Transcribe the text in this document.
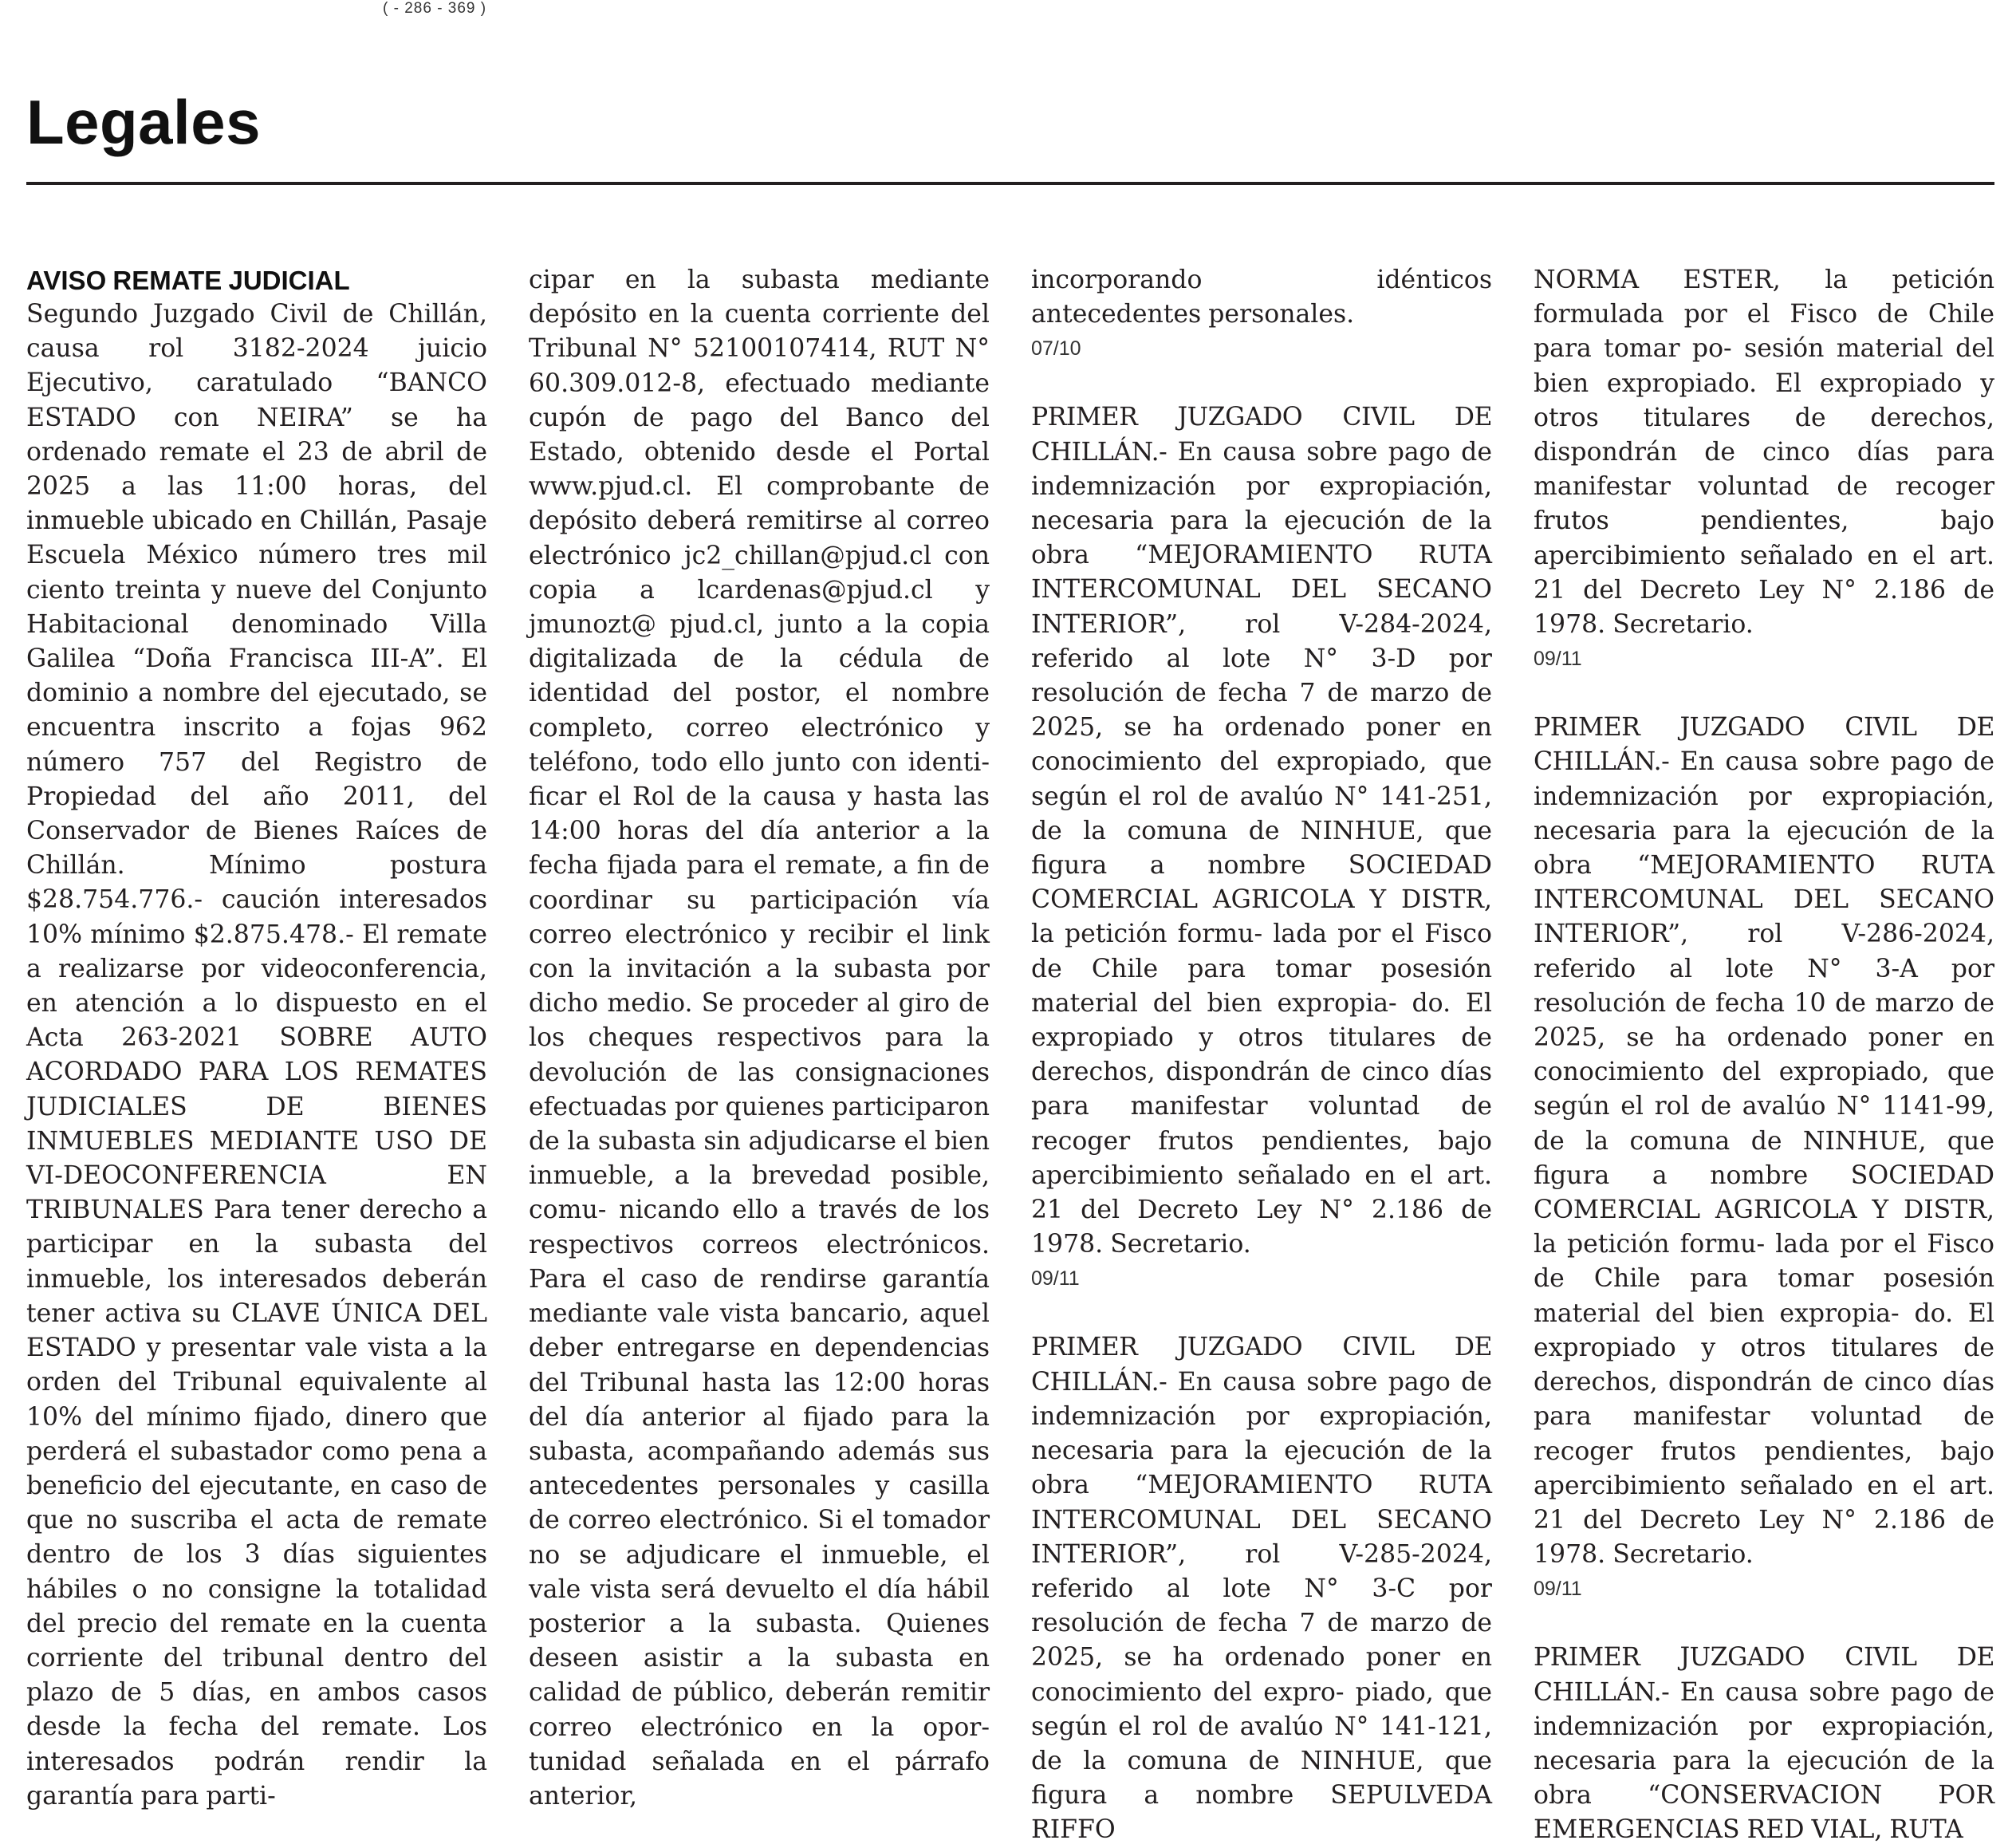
( - 286 - 369 )
Legales

AVISO REMATE JUDICIAL

Segundo Juzgado Civil de Chillán, causa rol 3182-2024 juicio Ejecutivo, caratulado “BANCO ESTADO con NEIRA” se ha ordenado remate el 23 de abril de 2025 a las 11:00 horas, del inmueble ubicado en Chillán, Pasaje Escuela México número tres mil ciento treinta y nueve del Conjunto Habitacional denominado Villa Galilea “Doña Francisca III-A”. El dominio a nombre del ejecutado, se encuentra inscrito a fojas 962 número 757 del Registro de Propiedad del año 2011, del Conservador de Bienes Raíces de Chillán. Mínimo postura $28.754.776.- caución interesados 10% mínimo $2.875.478.- El remate a realizarse por videoconferencia, en atención a lo dispuesto en el Acta 263-2021 SOBRE AUTO ACORDADO PARA LOS REMATES JUDICIALES DE BIENES INMUEBLES MEDIANTE USO DE VI-DEOCONFERENCIA EN TRIBUNALES Para tener derecho a participar en la subasta del inmueble, los interesados deberán tener activa su CLAVE ÚNICA DEL ESTADO y presentar vale vista a la orden del Tribunal equivalente al 10% del mínimo fijado, dinero que perderá el subastador como pena a beneficio del ejecutante, en caso de que no suscriba el acta de remate dentro de los 3 días siguientes hábiles o no consigne la totalidad del precio del remate en la cuenta corriente del tribunal dentro del plazo de 5 días, en ambos casos desde la fecha del remate. Los interesados podrán rendir la garantía para parti-

cipar en la subasta mediante depósito en la cuenta corriente del Tribunal N° 52100107414, RUT N° 60.309.012-8, efectuado mediante cupón de pago del Banco del Estado, obtenido desde el Portal www.pjud.cl. El comprobante de depósito deberá remitirse al correo electrónico jc2_chillan@pjud.cl con copia a lcardenas@pjud.cl y jmunozt@ pjud.cl, junto a la copia digitalizada de la cédula de identidad del postor, el nombre completo, correo electrónico y teléfono, todo ello junto con identi- ficar el Rol de la causa y hasta las 14:00 horas del día anterior a la fecha fijada para el remate, a fin de coordinar su participación vía correo electrónico y recibir el link con la invitación a la subasta por dicho medio. Se proceder al giro de los cheques respectivos para la devolución de las consignaciones efectuadas por quienes participaron de la subasta sin adjudicarse el bien inmueble, a la brevedad posible, comu- nicando ello a través de los respectivos correos electrónicos. Para el caso de rendirse garantía mediante vale vista bancario, aquel deber entregarse en dependencias del Tribunal hasta las 12:00 horas del día anterior al fijado para la subasta, acompañando además sus antecedentes personales y casilla de correo electrónico. Si el tomador no se adjudicare el inmueble, el vale vista será devuelto el día hábil posterior a la subasta. Quienes deseen asistir a la subasta en calidad de público, deberán remitir correo electrónico en la opor- tunidad señalada en el párrafo anterior,

incorporando idénticos antecedentes personales.

07/10

PRIMER JUZGADO CIVIL DE CHILLÁN.- En causa sobre pago de indemnización por expropiación, necesaria para la ejecución de la obra “MEJORAMIENTO RUTA INTERCOMUNAL DEL SECANO INTERIOR”, rol V-284-2024, referido al lote N° 3-D por resolución de fecha 7 de marzo de 2025, se ha ordenado poner en conocimiento del expropiado, que según el rol de avalúo N° 141-251, de la comuna de NINHUE, que figura a nombre SOCIEDAD COMERCIAL AGRICOLA Y DISTR, la petición formu- lada por el Fisco de Chile para tomar posesión material del bien expropia- do. El expropiado y otros titulares de derechos, dispondrán de cinco días para manifestar voluntad de recoger frutos pendientes, bajo apercibimiento señalado en el art. 21 del Decreto Ley N° 2.186 de 1978. Secretario.

09/11

PRIMER JUZGADO CIVIL DE CHILLÁN.- En causa sobre pago de indemnización por expropiación, necesaria para la ejecución de la obra “MEJORAMIENTO RUTA INTERCOMUNAL DEL SECANO INTERIOR”, rol V-285-2024, referido al lote N° 3-C por resolución de fecha 7 de marzo de 2025, se ha ordenado poner en conocimiento del expro- piado, que según el rol de avalúo N° 141-121, de la comuna de NINHUE, que figura a nombre SEPULVEDA RIFFO

NORMA ESTER, la petición formulada por el Fisco de Chile para tomar po- sesión material del bien expropiado. El expropiado y otros titulares de derechos, dispondrán de cinco días para manifestar voluntad de recoger frutos pendientes, bajo apercibimiento señalado en el art. 21 del Decreto Ley N° 2.186 de 1978. Secretario.

09/11

PRIMER JUZGADO CIVIL DE CHILLÁN.- En causa sobre pago de indemnización por expropiación, necesaria para la ejecución de la obra “MEJORAMIENTO RUTA INTERCOMUNAL DEL SECANO INTERIOR”, rol V-286-2024, referido al lote N° 3-A por resolución de fecha 10 de marzo de 2025, se ha ordenado poner en conocimiento del expropiado, que según el rol de avalúo N° 1141-99, de la comuna de NINHUE, que figura a nombre SOCIEDAD COMERCIAL AGRICOLA Y DISTR, la petición formu- lada por el Fisco de Chile para tomar posesión material del bien expropia- do. El expropiado y otros titulares de derechos, dispondrán de cinco días para manifestar voluntad de recoger frutos pendientes, bajo apercibimiento señalado en el art. 21 del Decreto Ley N° 2.186 de 1978. Secretario.

09/11

PRIMER JUZGADO CIVIL DE CHILLÁN.- En causa sobre pago de indemnización por expropiación, necesaria para la ejecución de la obra “CONSERVACION POR EMERGENCIAS RED VIAL, RUTA
